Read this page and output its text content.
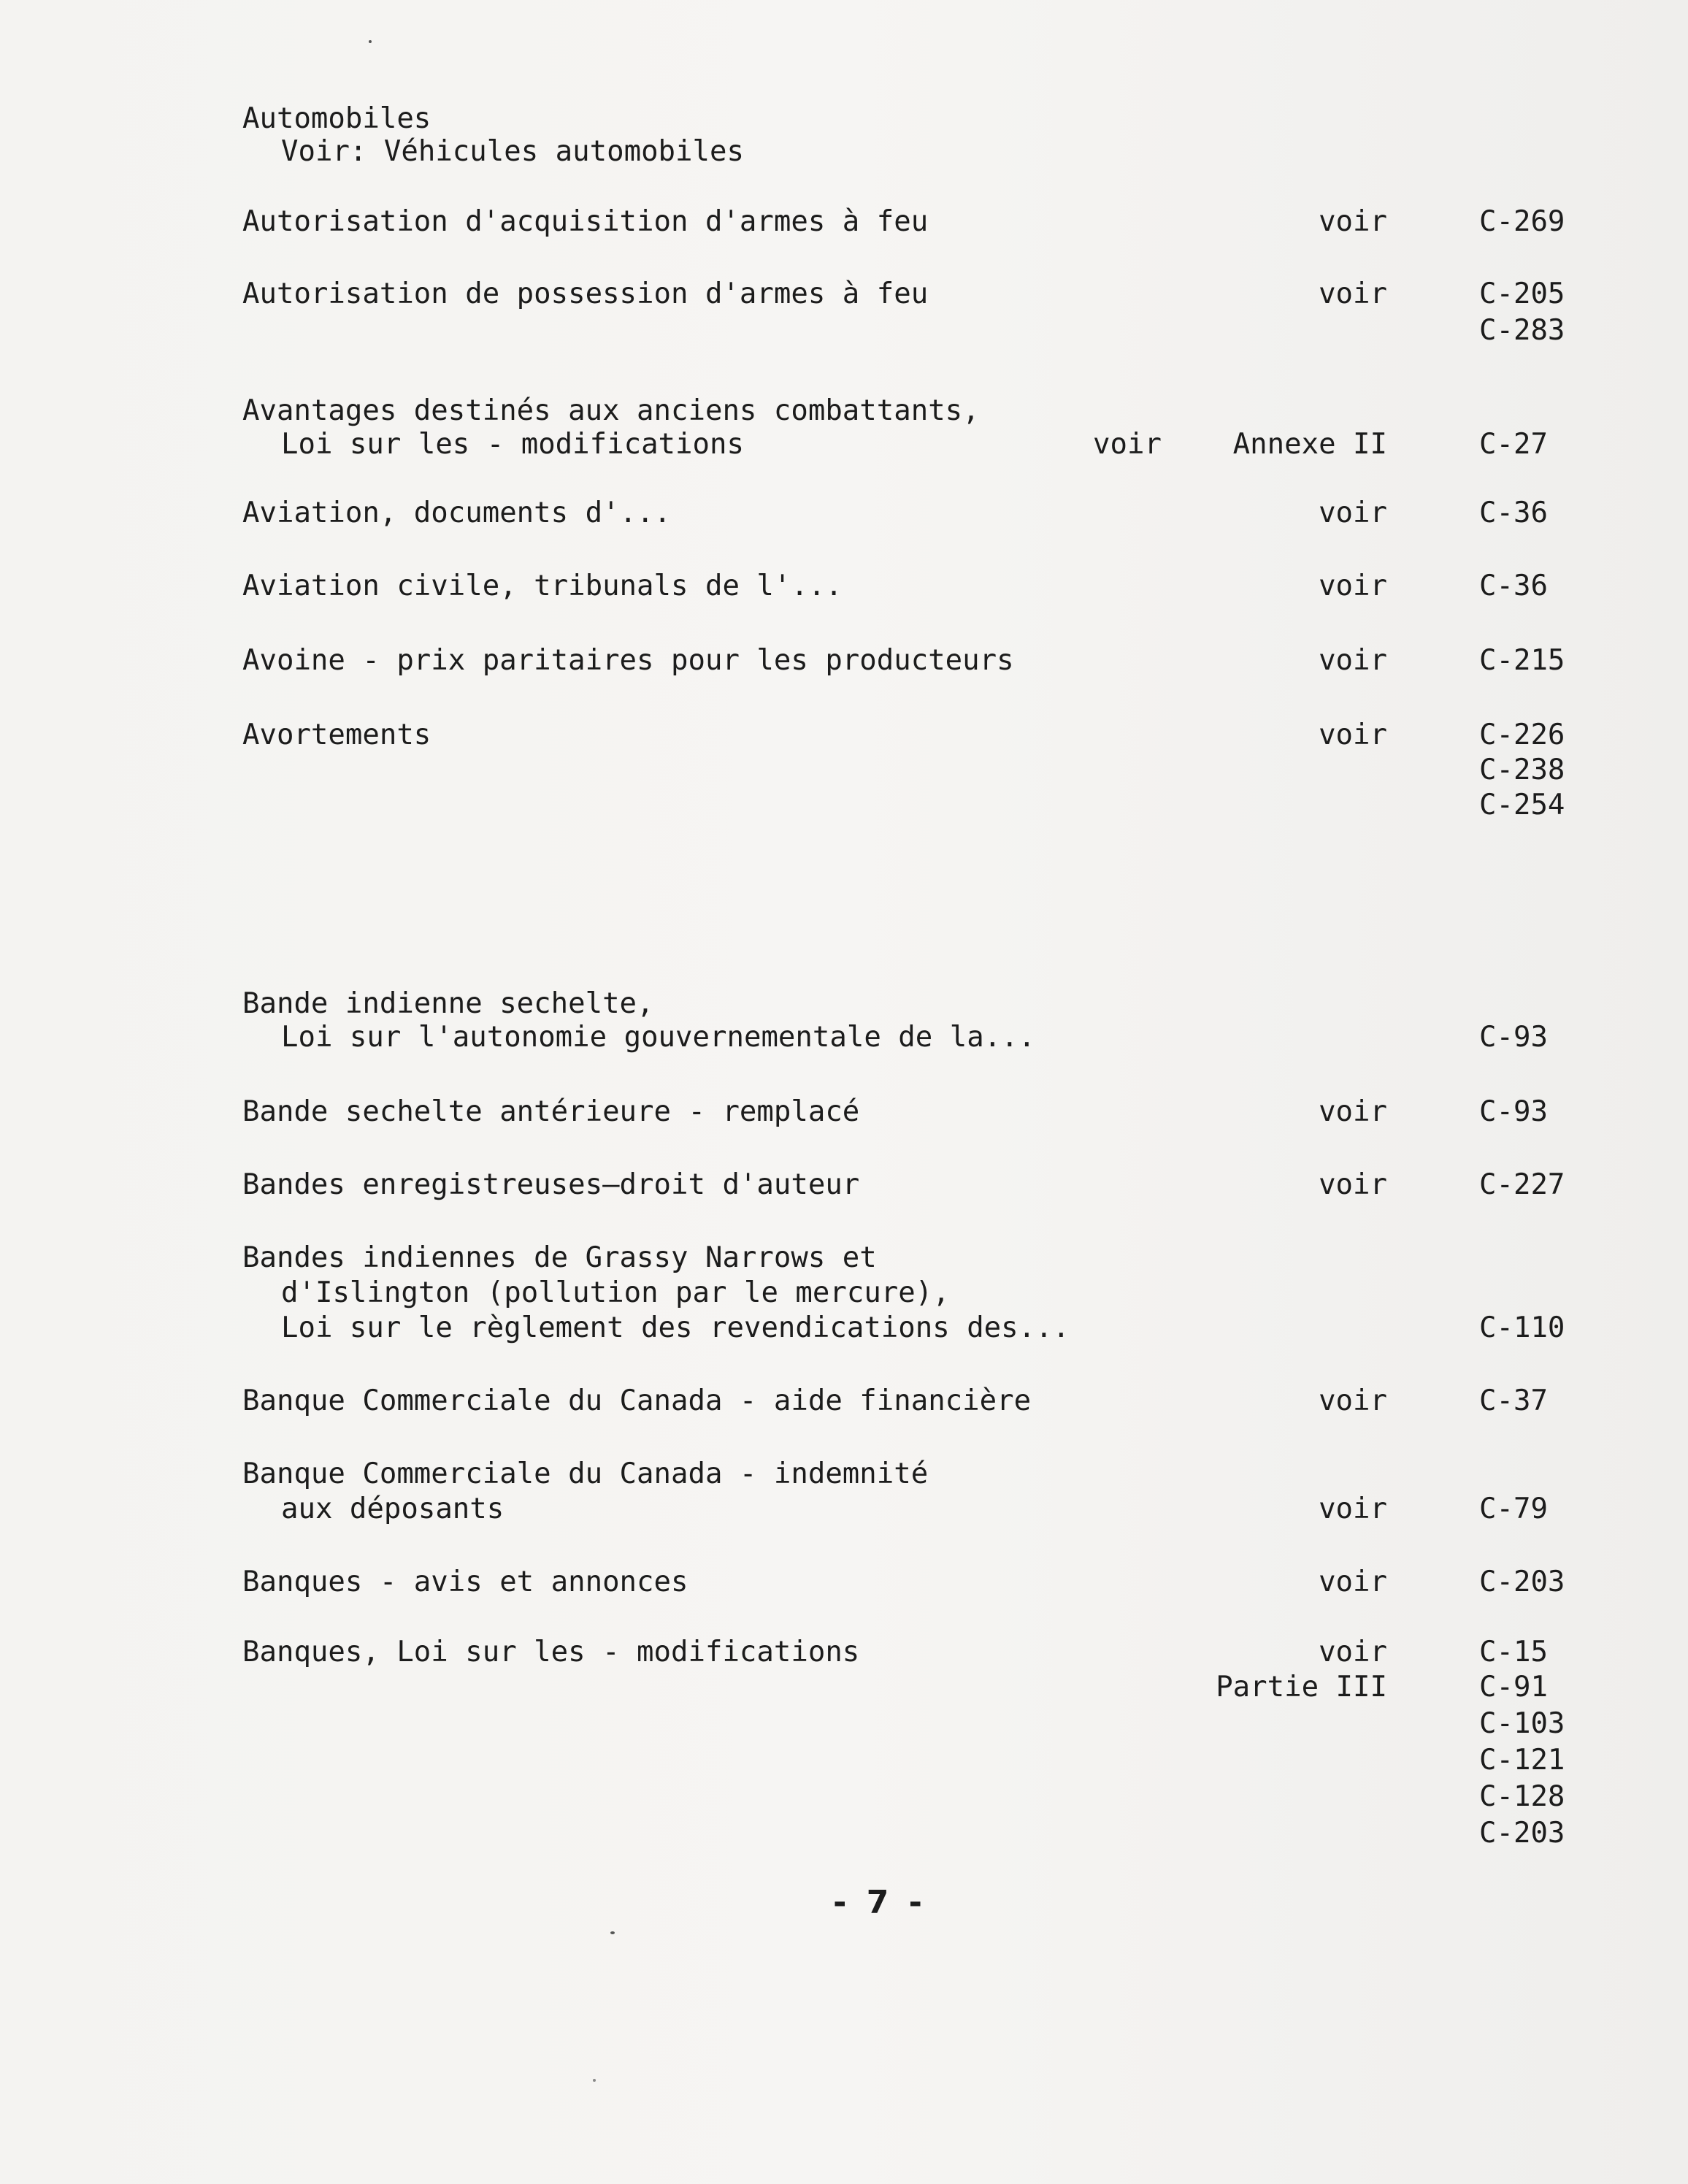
Automobiles
Voir: Véhicules automobiles
Autorisation d'acquisition d'armes à feu	voir	C-269
Autorisation de possession d'armes à feu	voir	C-205
C-283
Avantages destinés aux anciens combattants,
Loi sur les - modifications	voir	Annexe II	C-27
Aviation, documents d'...	voir	C-36
Aviation civile, tribunals de l'...	voir	C-36
Avoine - prix paritaires pour les producteurs	voir	C-215
Avortements	voir	C-226
C-238
C-254
Bande indienne sechelte,
Loi sur l'autonomie gouvernementale de la...	C-93
Bande sechelte antérieure - remplacé	voir	C-93
Bandes enregistreuses—droit d'auteur	voir	C-227
Bandes indiennes de Grassy Narrows et
d'Islington (pollution par le mercure),
Loi sur le règlement des revendications des...	C-110
Banque Commerciale du Canada - aide financière	voir	C-37
Banque Commerciale du Canada - indemnité
aux déposants	voir	C-79
Banques - avis et annonces	voir	C-203
Banques, Loi sur les - modifications	voir	C-15
Partie III	C-91
C-103
C-121
C-128
C-203
- 7 -
